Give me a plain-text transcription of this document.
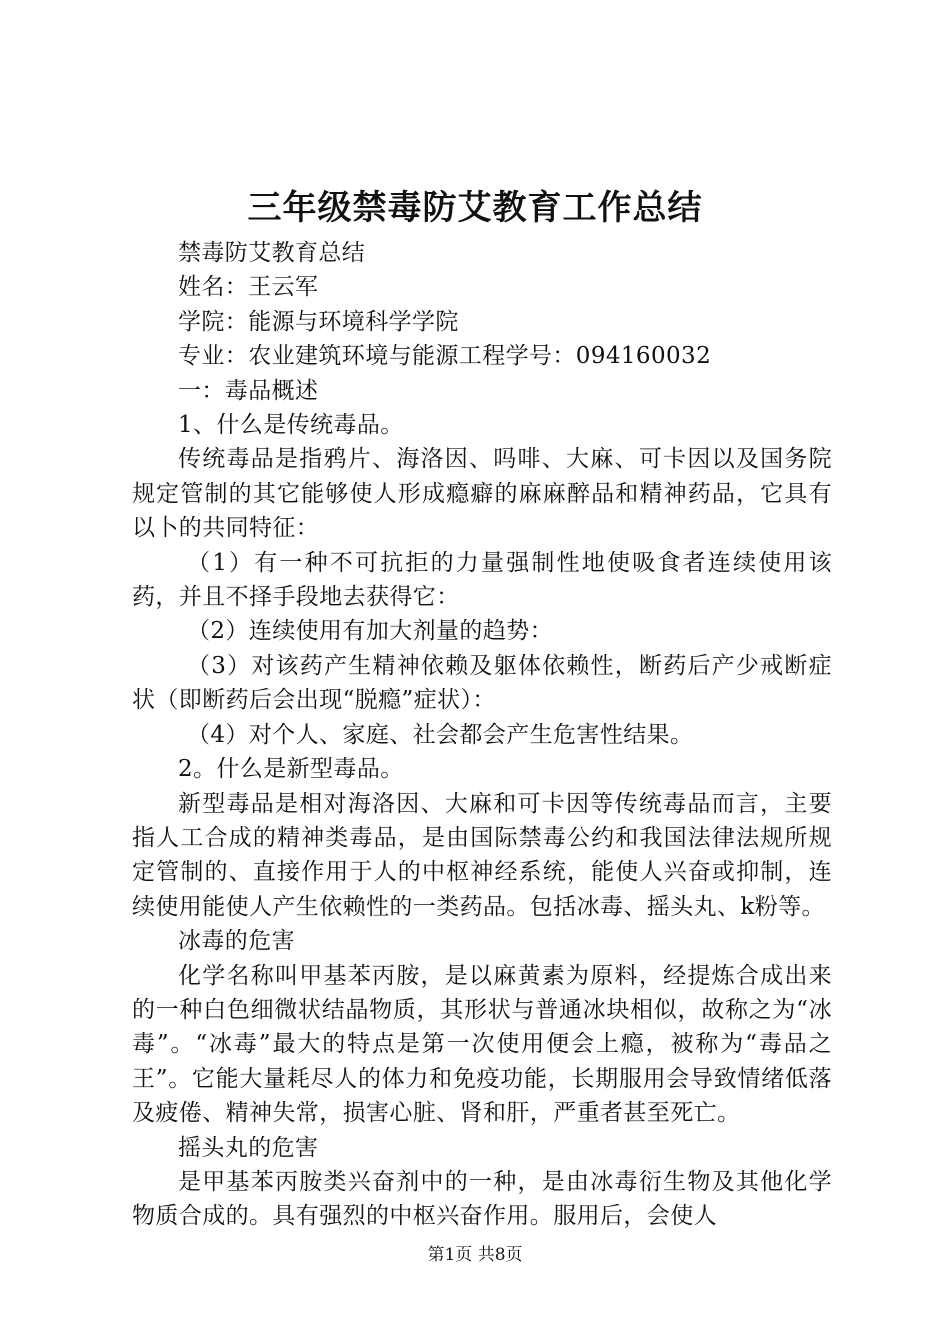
三年级禁毒防艾教育工作总结

禁毒防艾教育总结

姓名：王云军

学院：能源与环境科学学院

专业：农业建筑环境与能源工程学号：094160032

一：毒品概述

1、什么是传统毒品。

传统毒品是指鸦片、海洛因、吗啡、大麻、可卡因以及国务院规定管制的其它能够使人形成瘾癖的麻麻醉品和精神药品，它具有以卜的共同特征：

（1）有一种不可抗拒的力量强制性地使吸食者连续使用该药，并且不择手段地去获得它：

（2）连续使用有加大剂量的趋势：

（3）对该药产生精神依赖及躯体依赖性，断药后产少戒断症状（即断药后会出现“脱瘾”症状）：

（4）对个人、家庭、社会都会产生危害性结果。

2。什么是新型毒品。

新型毒品是相对海洛因、大麻和可卡因等传统毒品而言，主要指人工合成的精神类毒品，是由国际禁毒公约和我国法律法规所规定管制的、直接作用于人的中枢神经系统，能使人兴奋或抑制，连续使用能使人产生依赖性的一类药品。包括冰毒、摇头丸、k粉等。

冰毒的危害

化学名称叫甲基苯丙胺，是以麻黄素为原料，经提炼合成出来的一种白色细微状结晶物质，其形状与普通冰块相似，故称之为“冰毒”。“冰毒”最大的特点是第一次使用便会上瘾，被称为“毒品之王”。它能大量耗尽人的体力和免疫功能，长期服用会导致情绪低落及疲倦、精神失常，损害心脏、肾和肝，严重者甚至死亡。

摇头丸的危害

是甲基苯丙胺类兴奋剂中的一种，是由冰毒衍生物及其他化学物质合成的。具有强烈的中枢兴奋作用。服用后，会使人

第1页 共8页
